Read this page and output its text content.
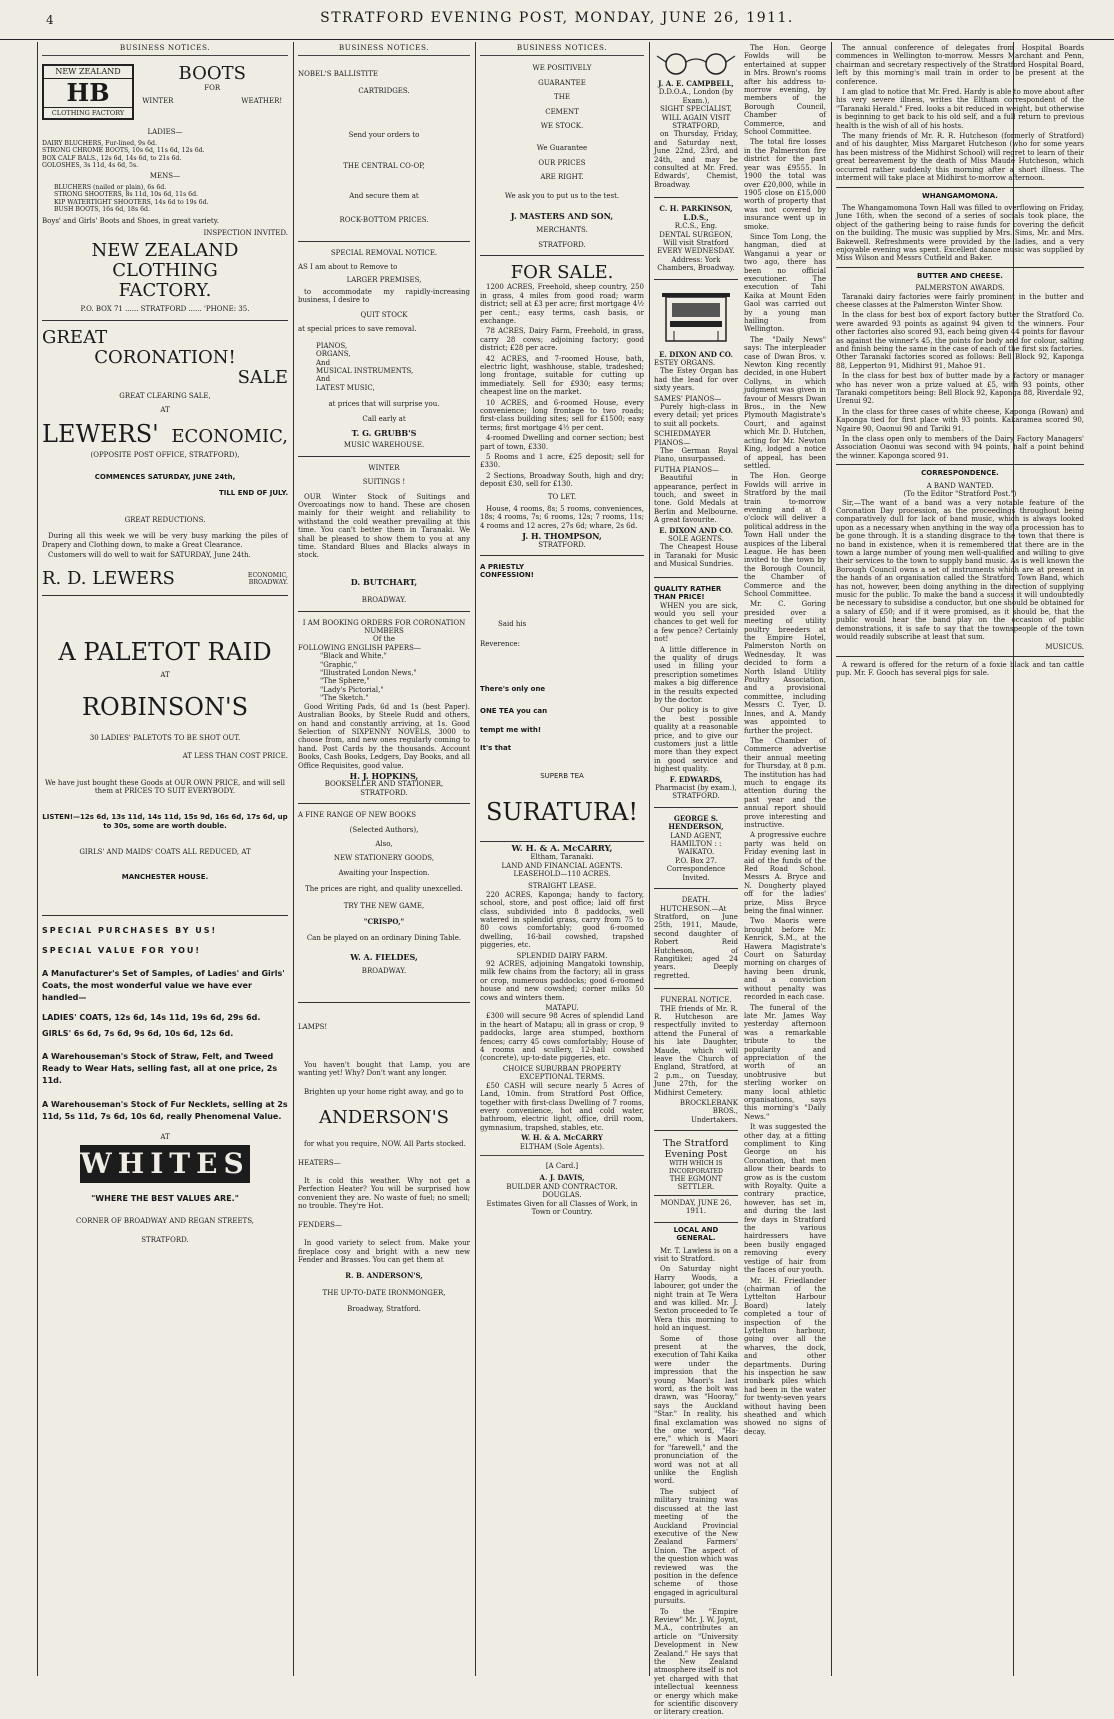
4	STRATFORD EVENING POST, MONDAY, JUNE 26, 1911.
BUSINESS NOTICES.
NEW ZEALAND
HB
CLOTHING FACTORY

BOOTS
FOR
WINTER	WEATHER!
LADIES—
DAIRY BLUCHERS, Fur-lined, 9s 6d.
STRONG CHROME BOOTS, 10s 6d, 11s 6d, 12s 6d.
BOX CALF BALS., 12s 6d, 14s 6d, to 21s 6d.
GOLOSHES, 3s 11d, 4s 6d, 5s.
MENS—
BLUCHERS (nailed or plain), 6s 6d.
STRONG SHOOTERS, 8s 11d, 10s 6d, 11s 6d.
KIP WATERTIGHT SHOOTERS, 14s 6d to 19s 6d.
BUSH BOOTS, 16s 6d, 18s 6d.
Boys' and Girls' Boots and Shoes, in great variety.
INSPECTION INVITED.
NEW ZEALAND CLOTHING
FACTORY.
P.O. BOX 71 ...... STRATFORD ...... 'PHONE: 35.
GREAT
CORONATION!
SALE
GREAT CLEARING SALE,
AT
LEWERS' ECONOMIC,
(OPPOSITE POST OFFICE, STRATFORD),
COMMENCES SATURDAY, JUNE 24th,
TILL END OF JULY.
GREAT REDUCTIONS.
During all this week we will be very busy marking the piles of Drapery and Clothing down, to make a Great Clearance.
Customers will do well to wait for SATURDAY, June 24th.
R. D. LEWERS	ECONOMIC,
BROADWAY.
A PALETOT RAID
AT
ROBINSON'S
30 LADIES' PALETOTS TO BE SHOT OUT.
AT LESS THAN COST PRICE.
We have just bought these Goods at OUR OWN PRICE, and will sell them at PRICES TO SUIT EVERYBODY.
LISTEN!—12s 6d, 13s 11d, 14s 11d, 15s 9d, 16s 6d, 17s 6d, up to 30s, some are worth double.
GIRLS' AND MAIDS' COATS ALL REDUCED, AT
MANCHESTER HOUSE.
SPECIAL PURCHASES BY US!
SPECIAL VALUE FOR YOU!
A Manufacturer's Set of Samples, of Ladies' and Girls' Coats, the most wonderful value we have ever handled—
LADIES' COATS, 12s 6d, 14s 11d, 19s 6d, 29s 6d.
GIRLS' 6s 6d, 7s 6d, 9s 6d, 10s 6d, 12s 6d.
A Warehouseman's Stock of Straw, Felt, and Tweed Ready to Wear Hats, selling fast, all at one price, 2s 11d.
A Warehouseman's Stock of Fur Necklets, selling at 2s 11d, 5s 11d, 7s 6d, 10s 6d, really Phenomenal Value.
AT
WHITES
"WHERE THE BEST VALUES ARE."
CORNER OF BROADWAY AND REGAN STREETS,
STRATFORD.
BUSINESS NOTICES.
NOBEL'S BALLISTITE
CARTRIDGES.
Send your orders to
THE CENTRAL CO-OP,
And secure them at
ROCK-BOTTOM PRICES.
SPECIAL REMOVAL NOTICE.
AS I am about to Remove to
LARGER PREMISES,
to accommodate my rapidly-increasing business, I desire to
QUIT STOCK
at special prices to save removal.
PIANOS,
ORGANS,
And
MUSICAL INSTRUMENTS,
And
LATEST MUSIC,
at prices that will surprise you.
Call early at
T. G. GRUBB'S
MUSIC WAREHOUSE.
WINTER
SUITINGS !
OUR Winter Stock of Suitings and Overcoatings now to hand. These are chosen mainly for their weight and reliability to withstand the cold weather prevailing at this time. You can't better them in Taranaki. We shall be pleased to show them to you at any time. Standard Blues and Blacks always in stock.
D. BUTCHART,
BROADWAY.
I AM BOOKING ORDERS FOR CORONATION NUMBERS
Of the
FOLLOWING ENGLISH PAPERS—
"Black and White,"
"Graphic,"
"Illustrated London News,"
"The Sphere,"
"Lady's Pictorial,"
"The Sketch."
Good Writing Pads, 6d and 1s (best Paper). Australian Books, by Steele Rudd and others, on hand and constantly arriving, at 1s. Good Selection of SIXPENNY NOVELS, 3000 to choose from, and new ones regularly coming to hand. Post Cards by the thousands. Account Books, Cash Books, Ledgers, Day Books, and all Office Requisites, good value.
H. J. HOPKINS,
BOOKSELLER AND STATIONER,
STRATFORD.
A FINE RANGE OF NEW BOOKS
(Selected Authors),
Also,
NEW STATIONERY GOODS,
Awaiting your Inspection.
The prices are right, and quality unexcelled.
TRY THE NEW GAME,
"CRISPO,"
Can be played on an ordinary Dining Table.
W. A. FIELDES,
BROADWAY.
LAMPS!
You haven't bought that Lamp, you are wanting yet! Why? Don't want any longer.
Brighten up your home right away, and go to
ANDERSON'S
for what you require, NOW. All Parts stocked.
HEATERS—
It is cold this weather. Why not get a Perfection Heater? You will be surprised how convenient they are. No waste of fuel; no smell; no trouble. They're Hot.
FENDERS—
In good variety to select from. Make your fireplace cosy and bright with a new new Fender and Brasses. You can get them at
R. B. ANDERSON'S,
THE UP-TO-DATE IRONMONGER,
Broadway, Stratford.
BUSINESS NOTICES.
WE POSITIVELY
GUARANTEE
THE
CEMENT
WE STOCK.
We Guarantee
OUR PRICES
ARE RIGHT.
We ask you to put us to the test.
J. MASTERS AND SON,
MERCHANTS.
STRATFORD.
FOR SALE.
1200 ACRES, Freehold, sheep country, 250 in grass, 4 miles from good road; warm district; sell at £3 per acre; first mortgage 4½ per cent.; easy terms, cash basis, or exchange.
78 ACRES, Dairy Farm, Freehold, in grass, carry 28 cows; adjoining factory; good district; £28 per acre.
42 ACRES, and 7-roomed House, bath, electric light, washhouse, stable, tradeshed; long frontage, suitable for cutting up immediately. Sell for £930; easy terms; cheapest line on the market.
10 ACRES, and 6-roomed House, every convenience; long frontage to two roads; first-class building sites; sell for £1500; easy terms; first mortgage 4½ per cent.
4-roomed Dwelling and corner section; best part of town, £330.
5 Rooms and 1 acre, £25 deposit; sell for £330.
2 Sections, Broadway South, high and dry; deposit £30, sell for £130.
TO LET.
House, 4 rooms, 8s; 5 rooms, conveniences, 18s; 4 rooms, 7s; 6 rooms, 12s; 7 rooms, 11s; 4 rooms and 12 acres, 27s 6d; whare, 2s 6d.
J. H. THOMPSON,
STRATFORD.
A PRIESTLY
CONFESSION!
Said his
Reverence:
There's only one
ONE TEA you can
tempt me with!
It's that
SUPERB TEA
SURATURA!
W. H. & A. McCARRY,
Eltham, Taranaki.
LAND AND FINANCIAL AGENTS.
LEASEHOLD—110 ACRES.
STRAIGHT LEASE.
220 ACRES, Kaponga; handy to factory, school, store, and post office; laid off first class, subdivided into 8 paddocks, well watered in splendid grass, carry from 75 to 80 cows comfortably; good 6-roomed dwelling, 16-bail cowshed, trapshed piggeries, etc.
SPLENDID DAIRY FARM.
92 ACRES, adjoining Mangatoki township, milk few chains from the factory; all in grass or crop, numerous paddocks; good 6-roomed house and new cowshed; corner milks 50 cows and winters them.
MATAPU.
£300 will secure 98 Acres of splendid Land in the heart of Matapu; all in grass or crop, 9 paddocks, large area stumped, boxthorn fences; carry 45 cows comfortably; House of 4 rooms and scullery, 12-bail cowshed (concrete), up-to-date piggeries, etc.
CHOICE SUBURBAN PROPERTY EXCEPTIONAL TERMS.
£50 CASH will secure nearly 5 Acres of Land, 10min. from Stratford Post Office, together with first-class Dwelling of 7 rooms, every convenience, hot and cold water, bathroom, electric light, office, drill room, gymnasium, trapshed, stables, etc.
W. H. & A. McCARRY
ELTHAM (Sole Agents).
[A Card.]
A. J. DAVIS,
BUILDER AND CONTRACTOR.
DOUGLAS.
Estimates Given for all Classes of Work, in Town or Country.
J. A. E. CAMPBELL,
D.D.O.A., London (by Exam.),
SIGHT SPECIALIST,
WILL AGAIN VISIT STRATFORD,
on Thursday, Friday, and Saturday next, June 22nd, 23rd, and 24th, and may be consulted at Mr. Fred. Edwards', Chemist, Broadway.
C. H. PARKINSON, L.D.S.,
R.C.S., Eng.
DENTAL SURGEON,
Will visit Stratford EVERY WEDNESDAY.
Address: York Chambers, Broadway.
E. DIXON AND CO.
ESTEY ORGANS.
The Estey Organ has had the lead for over sixty years.
SAMES' PIANOS—
Purely high-class in every detail; yet prices to suit all pockets.
SCHIEDMAYER PIANOS—
The German Royal Piano, unsurpassed.
FUTHA PIANOS—
Beautiful in appearance, perfect in touch, and sweet in tone. Gold Medals at Berlin and Melbourne. A great favourite.
E. DIXON AND CO.
SOLE AGENTS.
The Cheapest House in Taranaki for Music and Musical Sundries.
QUALITY RATHER THAN PRICE!
WHEN you are sick, would you sell your chances to get well for a few pence? Certainly not!
A little difference in the quality of drugs used in filling your prescription sometimes makes a big difference in the results expected by the doctor.
Our policy is to give the best possible quality at a reasonable price, and to give our customers just a little more than they expect in good service and highest quality.
F. EDWARDS,
Pharmacist (by exam.),
STRATFORD.
GEORGE S. HENDERSON,
LAND AGENT,
HAMILTON : : WAIKATO.
P.O. Box 27. Correspondence Invited.
DEATH.
HUTCHESON.—At Stratford, on June 25th, 1911, Maude, second daughter of Robert Reid Hutcheson, of Rangitikei; aged 24 years. Deeply regretted.
FUNERAL NOTICE.
THE friends of Mr. R. R. Hutcheson are respectfully invited to attend the Funeral of his late Daughter, Maude, which will leave the Church of England, Stratford, at 2 p.m., on Tuesday, June 27th, for the Midhirst Cemetery.
BROCKLEBANK BROS.,
Undertakers.
The Stratford Evening Post
WITH WHICH IS INCORPORATED
THE EGMONT SETTLER.
MONDAY, JUNE 26, 1911.
LOCAL AND GENERAL.
Mr. T. Lawless is on a visit to Stratford.
On Saturday night Harry Woods, a labourer, got under the night train at Te Wera and was killed. Mr. J. Sexton proceeded to Te Wera this morning to hold an inquest.
Some of those present at the execution of Tahi Kaika were under the impression that the young Maori's last word, as the bolt was drawn, was "Hooray," says the Auckland "Star." In reality, his final exclamation was the one word, "Ha-ere," which is Maori for "farewell," and the pronunciation of the word was not at all unlike the English word.
The subject of military training was discussed at the last meeting of the Auckland Provincial executive of the New Zealand Farmers' Union. The aspect of the question which was reviewed was the position in the defence scheme of those engaged in agricultural pursuits.
To the "Empire Review" Mr. J. W. Joynt, M.A., contributes an article on "University Development in New Zealand." He says that the New Zealand atmosphere itself is not yet charged with that intellectual keenness or energy which make for scientific discovery or literary creation.
The Hon. George Fowlds will be entertained at supper in Mrs. Brown's rooms after his address to-morrow evening, by members of the Borough Council, Chamber of Commerce, and School Committee.
The total fire losses in the Palmerston fire district for the past year was £9555. In 1900 the total was over £20,000, while in 1905 close on £15,000 worth of property that was not covered by insurance went up in smoke.
Since Tom Long, the hangman, died at Wanganui a year or two ago, there has been no official executioner. The execution of Tahi Kaika at Mount Eden Gaol was carried out by a young man hailing from Wellington.
The "Daily News" says: The interpleader case of Dwan Bros. v. Newton King recently decided, in one Hubert Collyns, in which judgment was given in favour of Messrs Dwan Bros., in the New Plymouth Magistrate's Court, and against which Mr. D. Hutchen, acting for Mr. Newton King, lodged a notice of appeal, has been settled.
The Hon. George Fowlds will arrive in Stratford by the mail train to-morrow evening and at 8 o'clock will deliver a political address in the Town Hall under the auspices of the Liberal League. He has been invited to the town by the Borough Council, the Chamber of Commerce and the School Committee.
Mr. C. Goring presided over a meeting of utility poultry breeders at the Empire Hotel, Palmerston North on Wednesday. It was decided to form a North Island Utility Poultry Association, and a provisional committee, including Messrs C. Tyer, D. Innes, and A. Mandy was appointed to further the project.
The Chamber of Commerce advertise their annual meeting for Thursday, at 8 p.m. The institution has had much to engage its attention during the past year and the annual report should prove interesting and instructive.
A progressive euchre party was held on Friday evening last in aid of the funds of the Red Road School. Messrs A. Bryce and N. Dougherty played off for the ladies' prize, Miss Bryce being the final winner.
Two Maoris were brought before Mr. Kenrick, S.M., at the Hawera Magistrate's Court on Saturday morning on charges of having been drunk, and a conviction without penalty was recorded in each case.
The funeral of the late Mr. James Way yesterday afternoon was a remarkable tribute to the popularity and appreciation of the worth of an unobtrusive but sterling worker on many local athletic organisations, says this morning's "Daily News."
It was suggested the other day, at a fitting compliment to King George on his Coronation, that men allow their beards to grow as is the custom with Royalty. Quite a contrary practice, however, has set in, and during the last few days in Stratford the various hairdressers have been busily engaged removing every vestige of hair from the faces of our youth.
Mr. H. Friedlander (chairman of the Lyttelton Harbour Board) lately completed a tour of inspection of the Lyttelton harbour, going over all the wharves, the dock, and other departments. During his inspection he saw ironbark piles which had been in the water for twenty-seven years without having been sheathed and which showed no signs of decay.
The annual conference of delegates from Hospital Boards commences in Wellington to-morrow. Messrs Marchant and Penn, chairman and secretary respectively of the Stratford Hospital Board, left by this morning's mail train in order to be present at the conference.
I am glad to notice that Mr. Fred. Hardy is able to move about after his very severe illness, writes the Eltham correspondent of the "Taranaki Herald." Fred. looks a bit reduced in weight, but otherwise is beginning to get back to his old self, and a full return to previous health is the wish of all of his hosts.
The many friends of Mr. R. R. Hutcheson (formerly of Stratford) and of his daughter, Miss Margaret Hutcheson (who for some years has been mistress of the Midhirst School) will regret to learn of their great bereavement by the death of Miss Maude Hutcheson, which occurred rather suddenly this morning after a short illness. The interment will take place at Midhirst to-morrow afternoon.
WHANGAMOMONA.
The Whangamomona Town Hall was filled to overflowing on Friday, June 16th, when the second of a series of socials took place, the object of the gathering being to raise funds for covering the deficit on the building. The music was supplied by Mrs. Sims, Mr. and Mrs. Bakewell. Refreshments were provided by the ladies, and a very enjoyable evening was spent. Excellent dance music was supplied by Miss Wilson and Messrs Cutfield and Baker.
BUTTER AND CHEESE.
PALMERSTON AWARDS.
Taranaki dairy factories were fairly prominent in the butter and cheese classes at the Palmerston Winter Show.
In the class for best box of export factory butter the Stratford Co. were awarded 93 points as against 94 given to the winners. Four other factories also scored 93, each being given 44 points for flavour as against the winner's 45, the points for body and for colour, salting and finish being the same in the case of each of the first six factories. Other Taranaki factories scored as follows: Bell Block 92, Kaponga 88, Lepperton 91, Midhirst 91, Mahoe 91.
In the class for best box of butter made by a factory or manager who has never won a prize valued at £5, with 93 points, other Taranaki competitors being: Bell Block 92, Kaponga 88, Riverdale 92, Urenui 92.
In the class for three cases of white cheese, Kaponga (Rowan) and Kaponga tied for first place with 93 points. Kakaramea scored 90, Ngaire 90, Oaonui 90 and Tariki 91.
In the class open only to members of the Dairy Factory Managers' Association Oaonui was second with 94 points, half a point behind the winner. Kaponga scored 91.
CORRESPONDENCE.
A BAND WANTED.
(To the Editor "Stratford Post.")
Sir,—The want of a band was a very notable feature of the Coronation Day procession, as the proceedings throughout being comparatively dull for lack of band music, which is always looked upon as a necessary when anything in the way of a procession has to be gone through. It is a standing disgrace to the town that there is no band in existence, when it is remembered that there are in the town a large number of young men well-qualified and willing to give their services to the town to supply band music. As is well known the Borough Council owns a set of instruments which are at present in the hands of an organisation called the Stratford Town Band, which has not, however, been doing anything in the direction of supplying music for the public. To make the band a success it will undoubtedly be necessary to subsidise a conductor, but one should be obtained for a salary of £50; and if it were promised, as it should be, that the public would hear the band play on the occasion of public demonstrations, it is safe to say that the townspeople of the town would readily subscribe at least that sum.
MUSICUS.
A reward is offered for the return of a foxie black and tan cattle pup. Mr. F. Gooch has several pigs for sale.
